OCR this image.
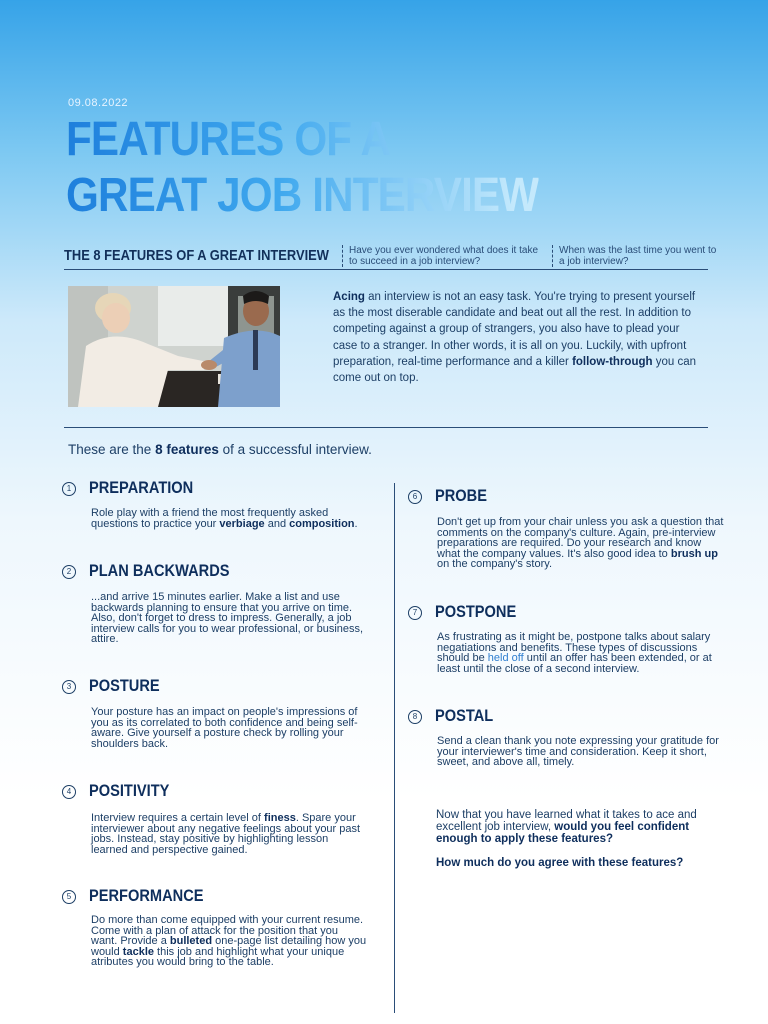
09.08.2022
FEATURES OF A
GREAT JOB INTERVIEW
THE 8 FEATURES OF A GREAT INTERVIEW	Have you ever wondered what does it take to succeed in a job interview?
When was the last time you went to a job interview?
Acing an interview is not an easy task. You're trying to present yourself as the most diserable candidate and beat out all the rest. In addition to competing against a group of strangers, you also have to plead your case to a stranger. In other words, it is all on you. Luckily, with upfront preparation, real-time performance and a killer follow-through you can come out on top.
These are the 8 features of a successful interview.
1 PREPARATION
Role play with a friend the most frequently asked questions to practice your verbiage and composition.
2 PLAN BACKWARDS
...and arrive 15 minutes earlier. Make a list and use backwards planning to ensure that you arrive on time. Also, don't forget to dress to impress. Generally, a job interview calls for you to wear professional, or business, attire.
3 POSTURE
Your posture has an impact on people's impressions of you as its correlated to both confidence and being self-aware. Give yourself a posture check by rolling your shoulders back.
4 POSITIVITY
Interview requires a certain level of finess. Spare your interviewer about any negative feelings about your past jobs. Instead, stay positive by highlighting lesson learned and perspective gained.
5 PERFORMANCE
Do more than come equipped with your current resume. Come with a plan of attack for the position that you want. Provide a bulleted one-page list detailing how you would tackle this job and highlight what your unique atributes you would bring to the table.
6 PROBE
Don't get up from your chair unless you ask a question that comments on the company's culture. Again, pre-interview preparations are required. Do your research and know what the company values. It's also good idea to brush up on the company's story.
7 POSTPONE
As frustrating as it might be, postpone talks about salary negatiations and benefits. These types of discussions should be held off until an offer has been extended, or at least until the close of a second interview.
8 POSTAL
Send a clean thank you note expressing your gratitude for your interviewer's time and consideration. Keep it short, sweet, and above all, timely.

Now that you have learned what it takes to ace and excellent job interview, would you feel confident enough to apply these features?

How much do you agree with these features?
